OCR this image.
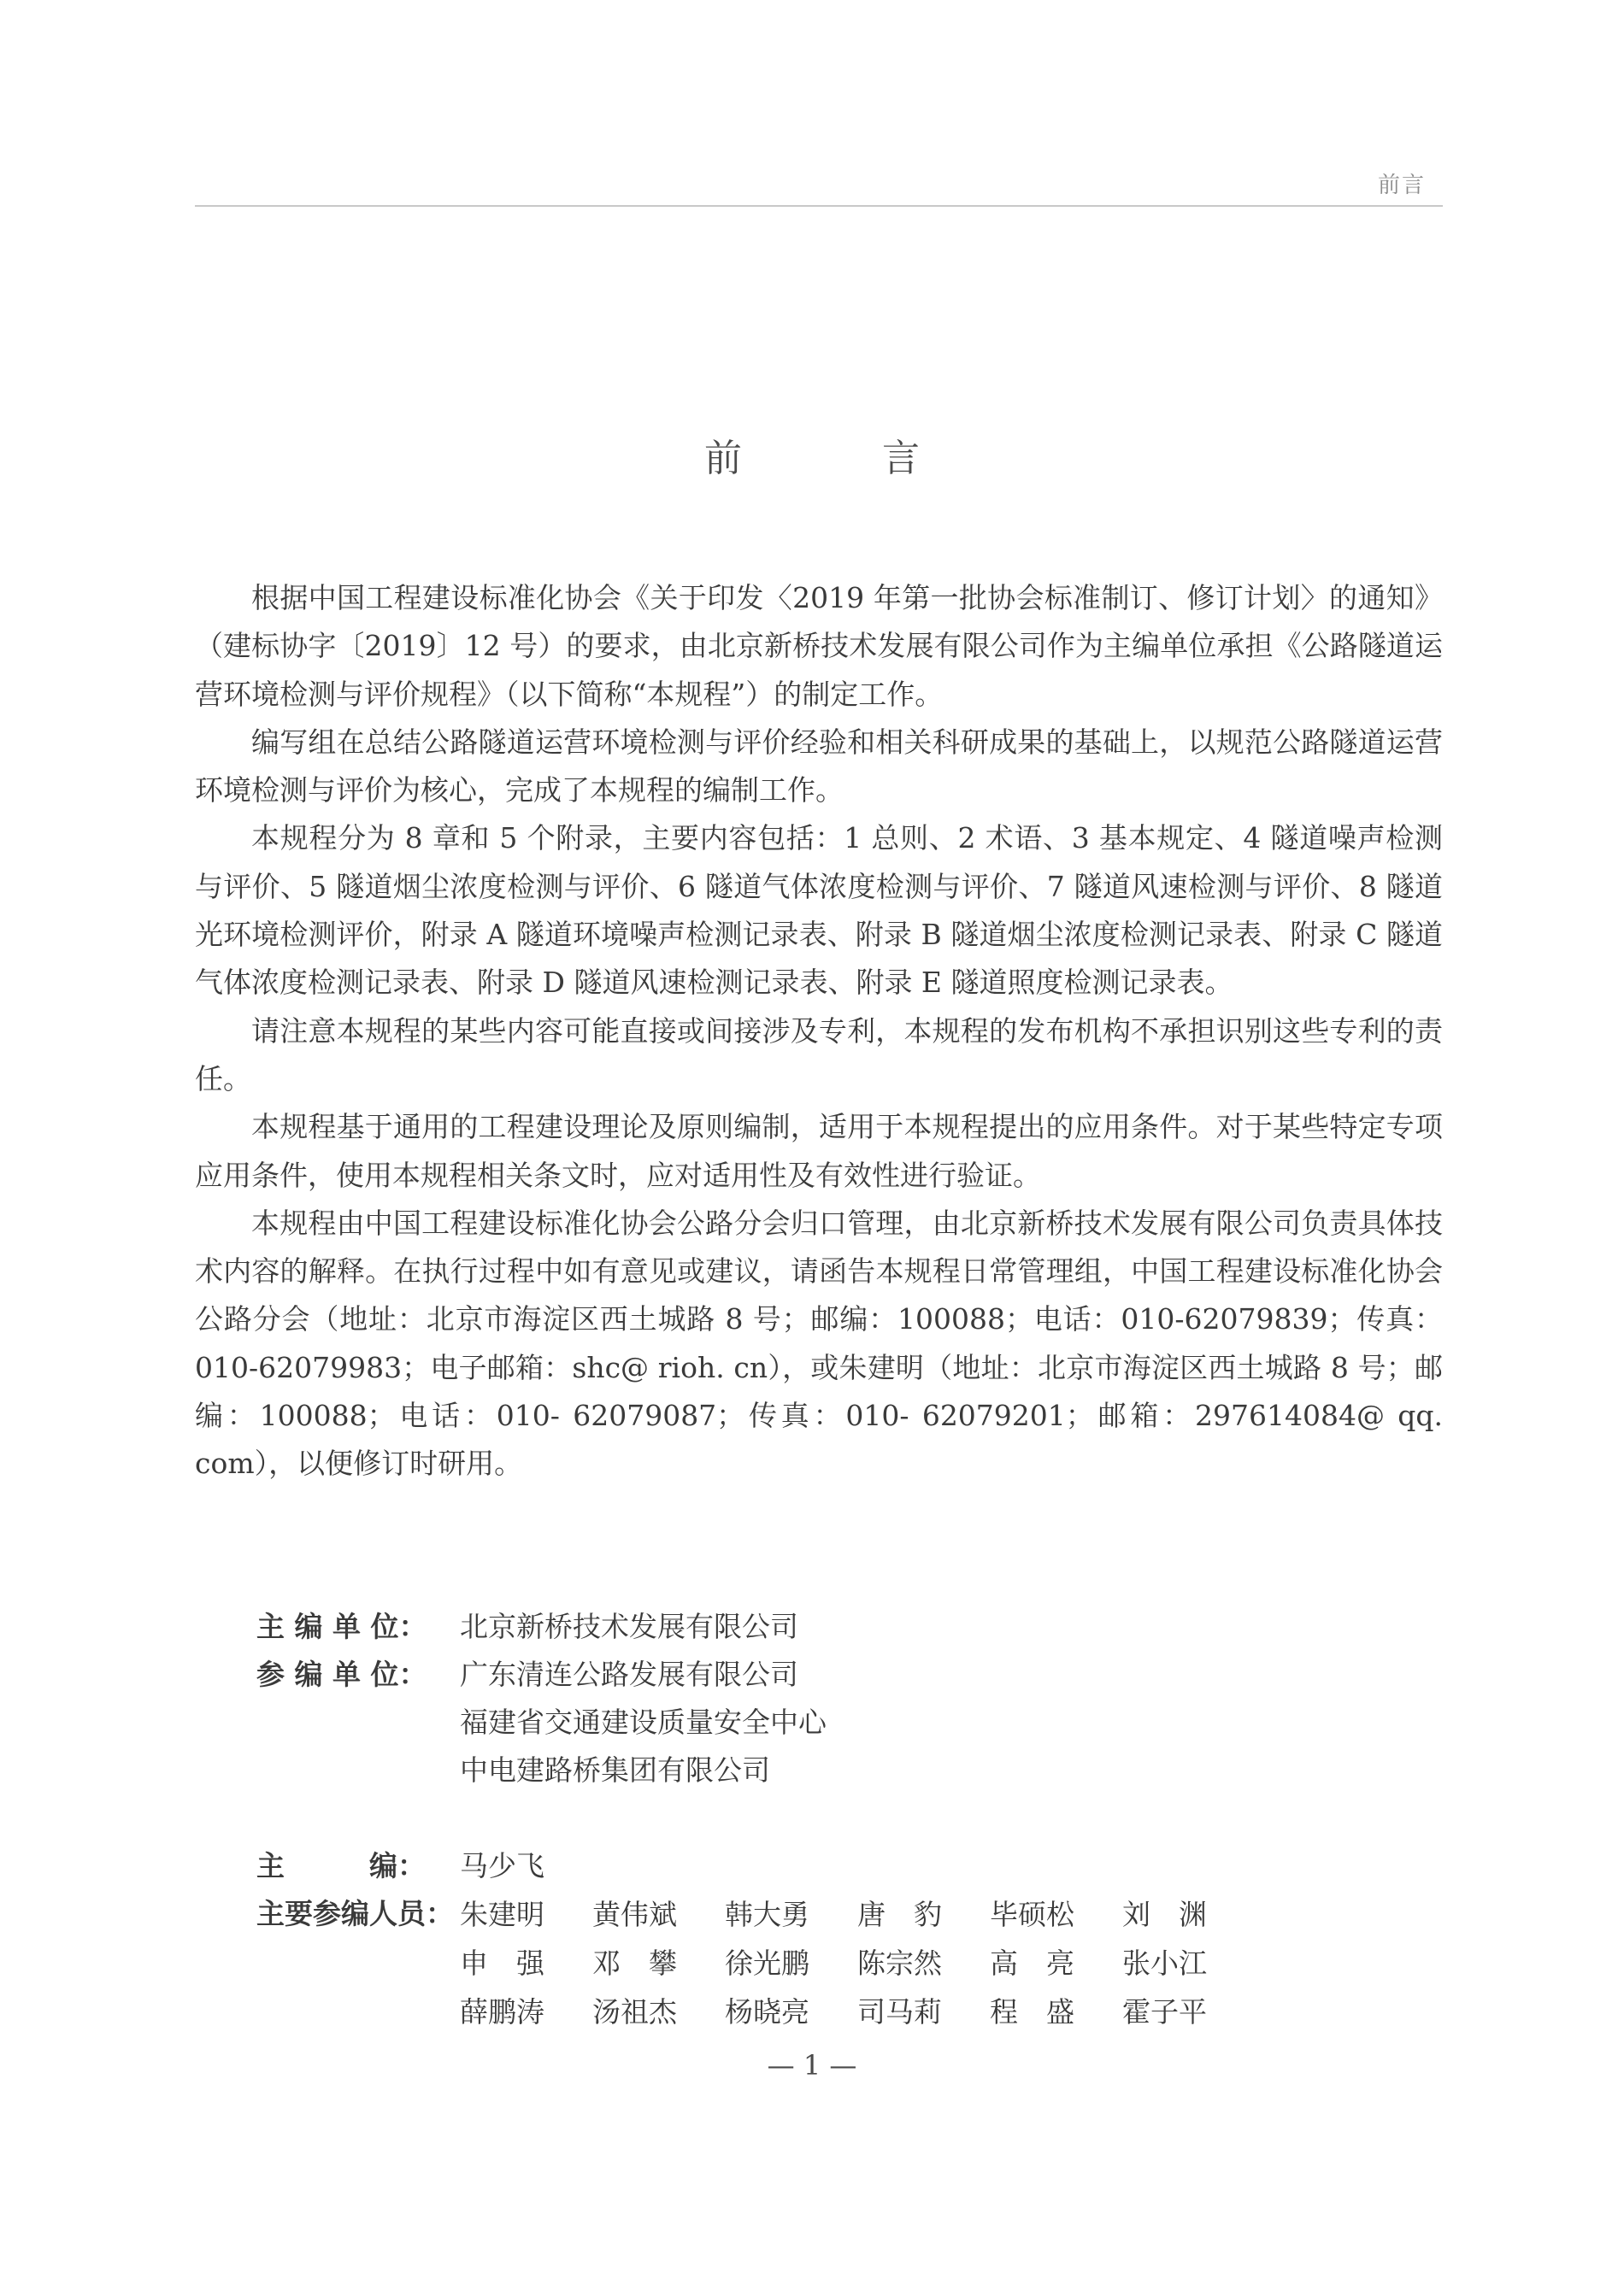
前言
前　言

根据中国工程建设标准化协会《关于印发〈2019 年第一批协会标准制订、修订计划〉的通知》（建标协字〔2019〕12 号）的要求，由北京新桥技术发展有限公司作为主编单位承担《公路隧道运营环境检测与评价规程》（以下简称“本规程”）的制定工作。

编写组在总结公路隧道运营环境检测与评价经验和相关科研成果的基础上，以规范公路隧道运营环境检测与评价为核心，完成了本规程的编制工作。

本规程分为 8 章和 5 个附录，主要内容包括：1 总则、2 术语、3 基本规定、4 隧道噪声检测与评价、5 隧道烟尘浓度检测与评价、6 隧道气体浓度检测与评价、7 隧道风速检测与评价、8 隧道光环境检测评价，附录 A 隧道环境噪声检测记录表、附录 B 隧道烟尘浓度检测记录表、附录 C 隧道气体浓度检测记录表、附录 D 隧道风速检测记录表、附录 E 隧道照度检测记录表。

请注意本规程的某些内容可能直接或间接涉及专利，本规程的发布机构不承担识别这些专利的责任。

本规程基于通用的工程建设理论及原则编制，适用于本规程提出的应用条件。对于某些特定专项应用条件，使用本规程相关条文时，应对适用性及有效性进行验证。

本规程由中国工程建设标准化协会公路分会归口管理，由北京新桥技术发展有限公司负责具体技术内容的解释。在执行过程中如有意见或建议，请函告本规程日常管理组，中国工程建设标准化协会公路分会（地址：北京市海淀区西土城路 8 号；邮编：100088；电话：010-62079839；传真：010-62079983；电子邮箱：shc@ rioh. cn），或朱建明（地址：北京市海淀区西土城路 8 号；邮编：100088；电话：010- 62079087；传真：010- 62079201；邮箱：297614084@ qq. com），以便修订时研用。

主 编 单 位：	北京新桥技术发展有限公司
参 编 单 位：	广东清连公路发展有限公司
福建省交通建设质量安全中心
中电建路桥集团有限公司
主　　　编：	马少飞
主要参编人员： 朱建明	黄伟斌	韩大勇	唐　豹	毕硕松	刘　渊
申　强	邓　攀	徐光鹏	陈宗然	高　亮	张小江
薛鹏涛	汤祖杰	杨晓亮	司马莉	程　盛	霍子平
— 1 —
